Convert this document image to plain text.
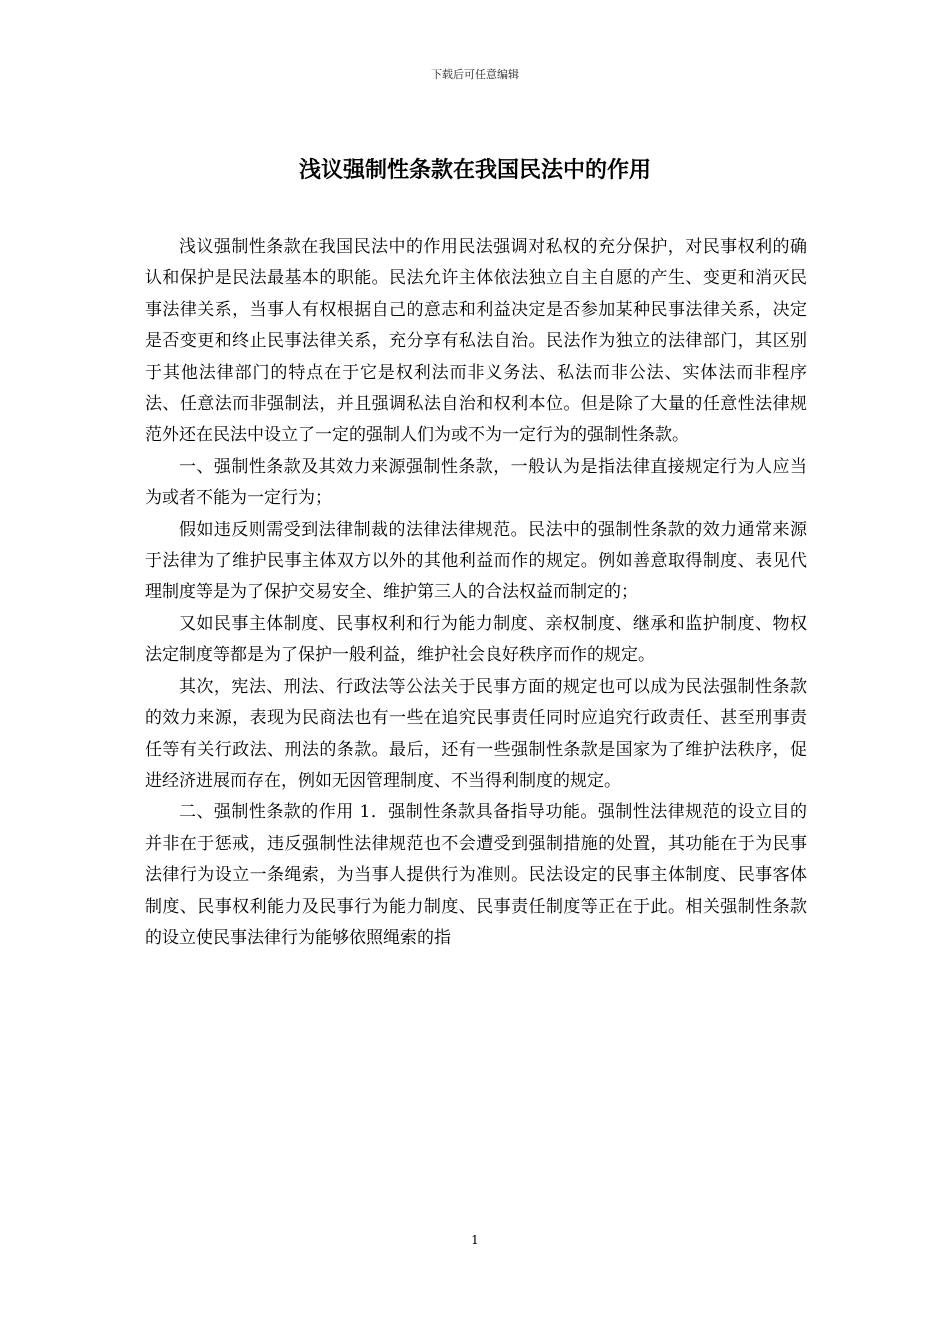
下载后可任意编辑
浅议强制性条款在我国民法中的作用

浅议强制性条款在我国民法中的作用民法强调对私权的充分保护，对民事权利的确认和保护是民法最基本的职能。民法允许主体依法独立自主自愿的产生、变更和消灭民事法律关系，当事人有权根据自己的意志和利益决定是否参加某种民事法律关系，决定是否变更和终止民事法律关系，充分享有私法自治。民法作为独立的法律部门，其区别于其他法律部门的特点在于它是权利法而非义务法、私法而非公法、实体法而非程序法、任意法而非强制法，并且强调私法自治和权利本位。但是除了大量的任意性法律规范外还在民法中设立了一定的强制人们为或不为一定行为的强制性条款。

一、强制性条款及其效力来源强制性条款，一般认为是指法律直接规定行为人应当为或者不能为一定行为；

假如违反则需受到法律制裁的法律法律规范。民法中的强制性条款的效力通常来源于法律为了维护民事主体双方以外的其他利益而作的规定。例如善意取得制度、表见代理制度等是为了保护交易安全、维护第三人的合法权益而制定的；

又如民事主体制度、民事权利和行为能力制度、亲权制度、继承和监护制度、物权法定制度等都是为了保护一般利益，维护社会良好秩序而作的规定。

其次，宪法、刑法、行政法等公法关于民事方面的规定也可以成为民法强制性条款的效力来源，表现为民商法也有一些在追究民事责任同时应追究行政责任、甚至刑事责任等有关行政法、刑法的条款。最后，还有一些强制性条款是国家为了维护法秩序，促进经济进展而存在，例如无因管理制度、不当得利制度的规定。

二、强制性条款的作用 1．强制性条款具备指导功能。强制性法律规范的设立目的并非在于惩戒，违反强制性法律规范也不会遭受到强制措施的处置，其功能在于为民事法律行为设立一条绳索，为当事人提供行为准则。民法设定的民事主体制度、民事客体制度、民事权利能力及民事行为能力制度、民事责任制度等正在于此。相关强制性条款的设立使民事法律行为能够依照绳索的指

1
